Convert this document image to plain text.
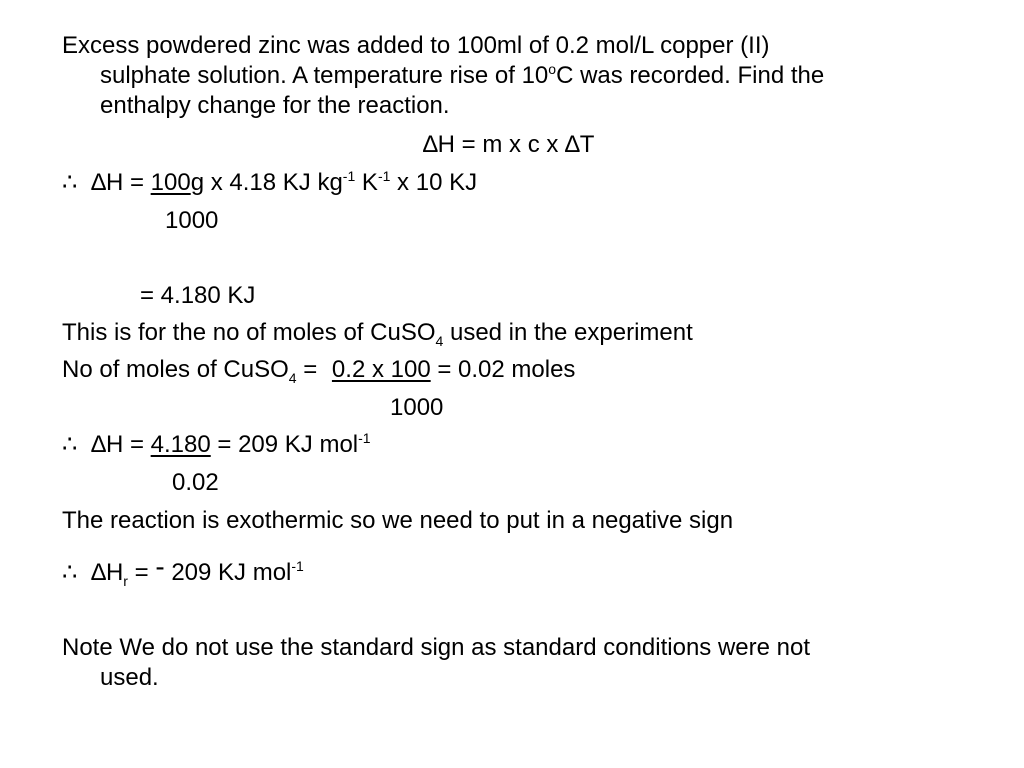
Excess powdered zinc was added to 100ml of 0.2 mol/L copper (II)
sulphate solution. A temperature rise of 10$^o$C was recorded. Find the
enthalpy change for the reaction.
∆H = m x c x ∆T
∴ ∆H = 100g x 4.18 KJ $kg^{-1}$ $K^{-1}$ x 10 KJ
1000
= 4.180 KJ
This is for the no of moles of CuSO$_4$ used in the experiment
No of moles of CuSO$_4$ = 0.2 x 100 = 0.02 moles
1000
∴ ∆H = 4.180 = 209 KJ mol$^{-1}$
0.02
The reaction is exothermic so we need to put in a negative sign
∴ $\Delta H_r$ = - 209 KJ mol$^{-1}$
Note We do not use the standard sign as standard conditions were not
used.
